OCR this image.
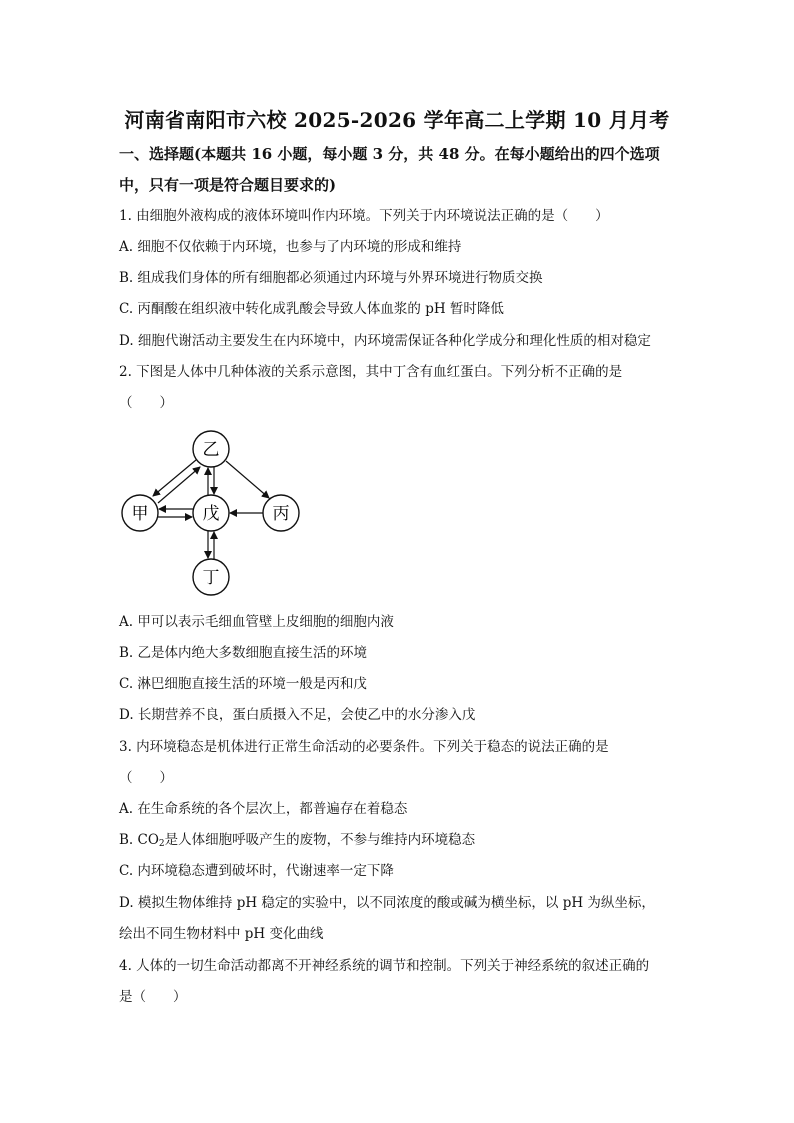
河南省南阳市六校 2025-2026 学年高二上学期 10 月月考
一、选择题(本题共 16 小题，每小题 3 分，共 48 分。在每小题给出的四个选项
中，只有一项是符合题目要求的)
1. 由细胞外液构成的液体环境叫作内环境。下列关于内环境说法正确的是（　　）
A. 细胞不仅依赖于内环境，也参与了内环境的形成和维持
B. 组成我们身体的所有细胞都必须通过内环境与外界环境进行物质交换
C. 丙酮酸在组织液中转化成乳酸会导致人体血浆的 pH 暂时降低
D. 细胞代谢活动主要发生在内环境中，内环境需保证各种化学成分和理化性质的相对稳定
2. 下图是人体中几种体液的关系示意图，其中丁含有血红蛋白。下列分析不正确的是
（　　）
乙
甲	戊	丙
丁
A. 甲可以表示毛细血管壁上皮细胞的细胞内液
B. 乙是体内绝大多数细胞直接生活的环境
C. 淋巴细胞直接生活的环境一般是丙和戊
D. 长期营养不良，蛋白质摄入不足，会使乙中的水分渗入戊
3. 内环境稳态是机体进行正常生命活动的必要条件。下列关于稳态的说法正确的是
（　　）
A. 在生命系统的各个层次上，都普遍存在着稳态
B. $CO_2$是人体细胞呼吸产生的废物，不参与维持内环境稳态
C. 内环境稳态遭到破坏时，代谢速率一定下降
D. 模拟生物体维持 pH 稳定的实验中，以不同浓度的酸或碱为横坐标，以 pH 为纵坐标，
绘出不同生物材料中 pH 变化曲线
4. 人体的一切生命活动都离不开神经系统的调节和控制。下列关于神经系统的叙述正确的
是（　　）
